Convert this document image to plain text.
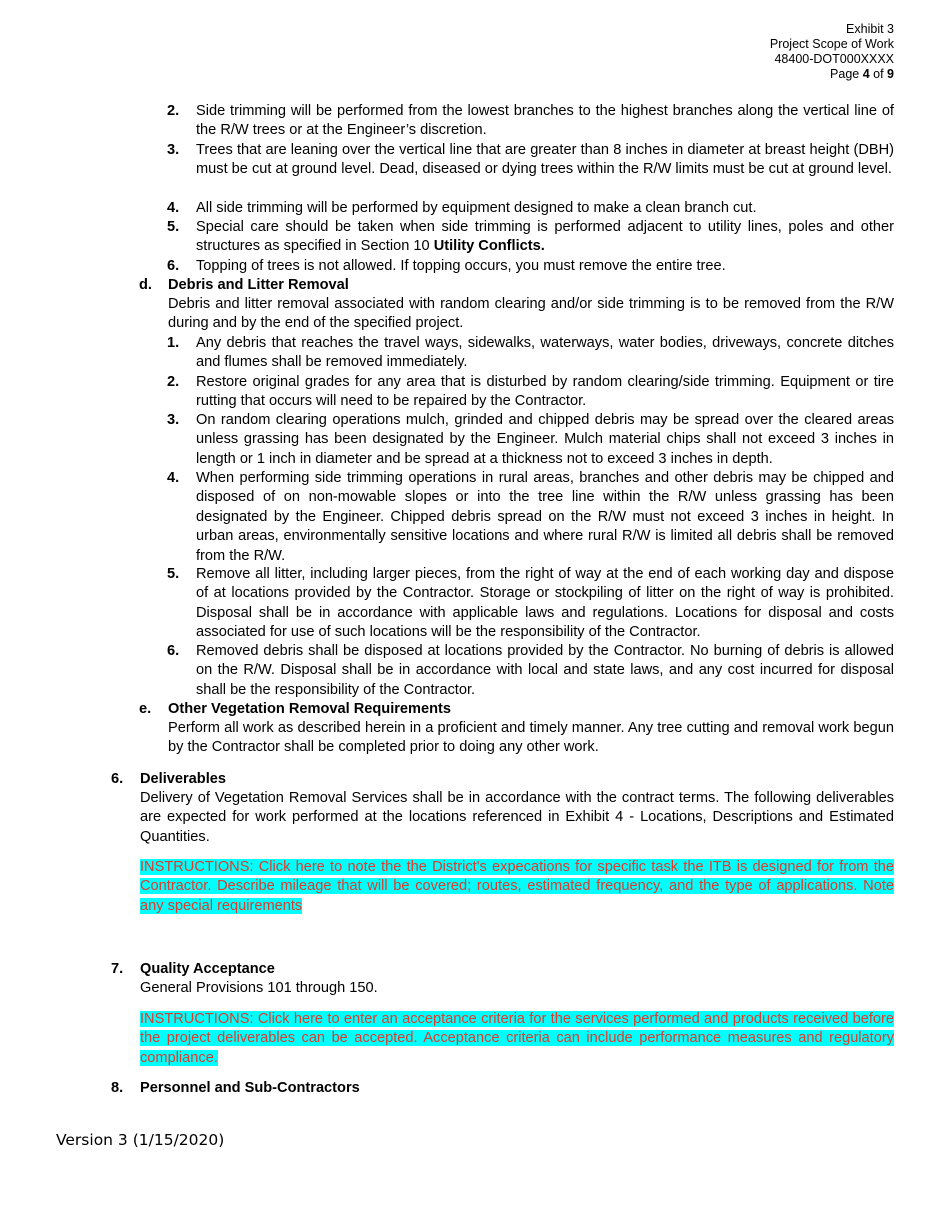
Exhibit 3
Project Scope of Work
48400-DOT000XXXX
Page 4 of 9
2. Side trimming will be performed from the lowest branches to the highest branches along the vertical line of the R/W trees or at the Engineer’s discretion.
3. Trees that are leaning over the vertical line that are greater than 8 inches in diameter at breast height (DBH) must be cut at ground level. Dead, diseased or dying trees within the R/W limits must be cut at ground level.
4. All side trimming will be performed by equipment designed to make a clean branch cut.
5. Special care should be taken when side trimming is performed adjacent to utility lines, poles and other structures as specified in Section 10 Utility Conflicts.
6. Topping of trees is not allowed. If topping occurs, you must remove the entire tree.
d. Debris and Litter Removal
Debris and litter removal associated with random clearing and/or side trimming is to be removed from the R/W during and by the end of the specified project.
1. Any debris that reaches the travel ways, sidewalks, waterways, water bodies, driveways, concrete ditches and flumes shall be removed immediately.
2. Restore original grades for any area that is disturbed by random clearing/side trimming. Equipment or tire rutting that occurs will need to be repaired by the Contractor.
3. On random clearing operations mulch, grinded and chipped debris may be spread over the cleared areas unless grassing has been designated by the Engineer. Mulch material chips shall not exceed 3 inches in length or 1 inch in diameter and be spread at a thickness not to exceed 3 inches in depth.
4. When performing side trimming operations in rural areas, branches and other debris may be chipped and disposed of on non-mowable slopes or into the tree line within the R/W unless grassing has been designated by the Engineer. Chipped debris spread on the R/W must not exceed 3 inches in height. In urban areas, environmentally sensitive locations and where rural R/W is limited all debris shall be removed from the R/W.
5. Remove all litter, including larger pieces, from the right of way at the end of each working day and dispose of at locations provided by the Contractor. Storage or stockpiling of litter on the right of way is prohibited. Disposal shall be in accordance with applicable laws and regulations. Locations for disposal and costs associated for use of such locations will be the responsibility of the Contractor.
6. Removed debris shall be disposed at locations provided by the Contractor. No burning of debris is allowed on the R/W. Disposal shall be in accordance with local and state laws, and any cost incurred for disposal shall be the responsibility of the Contractor.
e. Other Vegetation Removal Requirements
Perform all work as described herein in a proficient and timely manner. Any tree cutting and removal work begun by the Contractor shall be completed prior to doing any other work.
6. Deliverables
Delivery of Vegetation Removal Services shall be in accordance with the contract terms. The following deliverables are expected for work performed at the locations referenced in Exhibit 4 - Locations, Descriptions and Estimated Quantities.
INSTRUCTIONS: Click here to note the the District's expecations for specific task the ITB is designed for from the Contractor. Describe mileage that will be covered; routes, estimated frequency, and the type of applications. Note any special requirements
7. Quality Acceptance
General Provisions 101 through 150.
INSTRUCTIONS: Click here to enter an acceptance criteria for the services performed and products received before the project deliverables can be accepted. Acceptance criteria can include performance measures and regulatory compliance.
8. Personnel and Sub-Contractors
Version 3 (1/15/2020)
